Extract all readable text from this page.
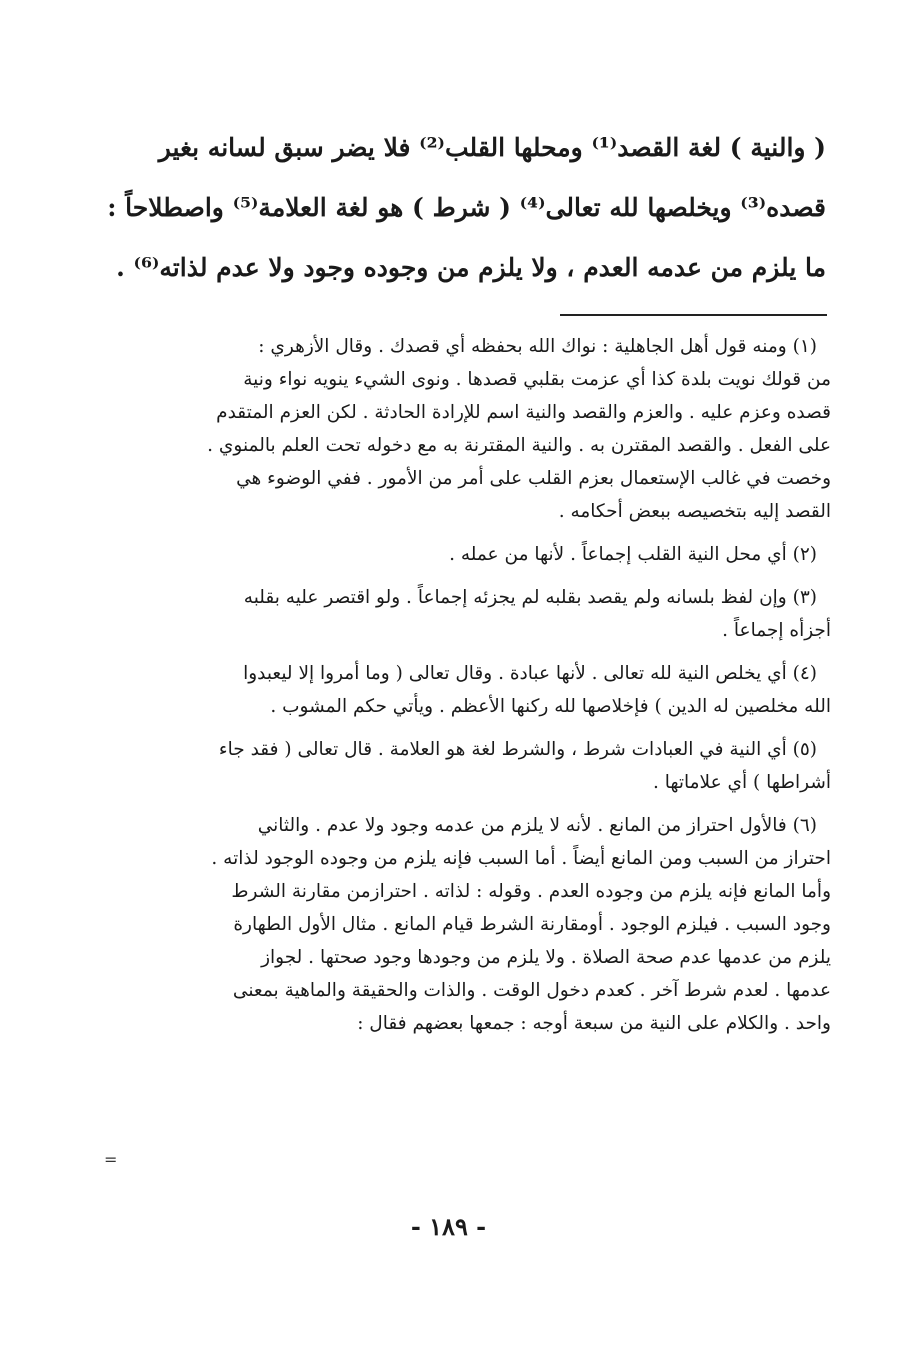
( والنية ) لغة القصد⁽¹⁾ ومحلها القلب⁽²⁾ فلا يضر سبق لسانه بغير
قصده⁽³⁾ ويخلصها لله تعالى⁽⁴⁾ ( شرط ) هو لغة العلامة⁽⁵⁾ واصطلاحاً :
ما يلزم من عدمه العدم ، ولا يلزم من وجوده وجود ولا عدم لذاته⁽⁶⁾ .
(١) ومنه قول أهل الجاهلية : نواك الله بحفظه أي قصدك . وقال الأزهري :
من قولك نويت بلدة كذا أي عزمت بقلبي قصدها . ونوى الشيء ينويه نواء ونية
قصده وعزم عليه . والعزم والقصد والنية اسم للإرادة الحادثة . لكن العزم المتقدم
على الفعل . والقصد المقترن به . والنية المقترنة به مع دخوله تحت العلم بالمنوي .
وخصت في غالب الإستعمال بعزم القلب على أمر من الأمور . ففي الوضوء هي
القصد إليه بتخصيصه ببعض أحكامه .
(٢) أي محل النية القلب إجماعاً . لأنها من عمله .
(٣) وإن لفظ بلسانه ولم يقصد بقلبه لم يجزئه إجماعاً . ولو اقتصر عليه بقلبه
أجزأه إجماعاً .
(٤) أي يخلص النية لله تعالى . لأنها عبادة . وقال تعالى ( وما أمروا إلا ليعبدوا
الله مخلصين له الدين ) فإخلاصها لله ركنها الأعظم . ويأتي حكم المشوب .
(٥) أي النية في العبادات شرط ، والشرط لغة هو العلامة . قال تعالى ( فقد جاء
أشراطها ) أي علاماتها .
(٦) فالأول احتراز من المانع . لأنه لا يلزم من عدمه وجود ولا عدم . والثاني
احتراز من السبب ومن المانع أيضاً . أما السبب فإنه يلزم من وجوده الوجود لذاته .
وأما المانع فإنه يلزم من وجوده العدم . وقوله : لذاته . احترازمن مقارنة الشرط
وجود السبب . فيلزم الوجود . أومقارنة الشرط قيام المانع . مثال الأول الطهارة
يلزم من عدمها عدم صحة الصلاة . ولا يلزم من وجودها وجود صحتها . لجواز
عدمها . لعدم شرط آخر . كعدم دخول الوقت . والذات والحقيقة والماهية بمعنى
واحد . والكلام على النية من سبعة أوجه : جمعها بعضهم فقال :
=
- ١٨٩ -
